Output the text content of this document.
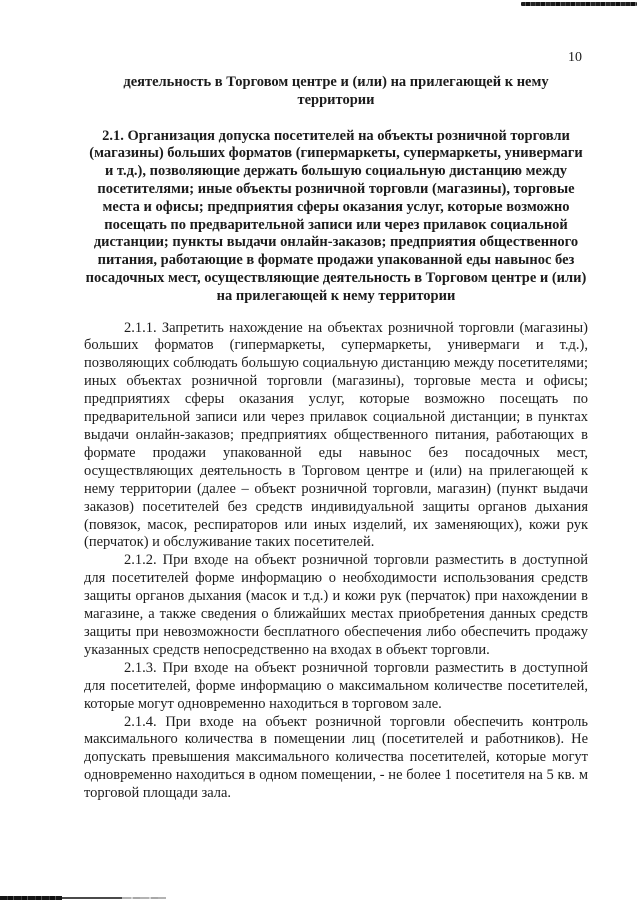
10
деятельность в Торговом центре и (или) на прилегающей к нему территории
2.1. Организация допуска посетителей на объекты розничной торговли (магазины) больших форматов (гипермаркеты, супермаркеты, универмаги и т.д.), позволяющие держать большую социальную дистанцию между посетителями; иные объекты розничной торговли (магазины), торговые места и офисы; предприятия сферы оказания услуг, которые возможно посещать по предварительной записи или через прилавок социальной дистанции; пункты выдачи онлайн-заказов; предприятия общественного питания, работающие в формате продажи упакованной еды навынос без посадочных мест, осуществляющие деятельность в Торговом центре и (или) на прилегающей к нему территории

2.1.1. Запретить нахождение на объектах розничной торговли (магазины) больших форматов (гипермаркеты, супермаркеты, универмаги и т.д.), позволяющих соблюдать большую социальную дистанцию между посетителями; иных объектах розничной торговли (магазины), торговые места и офисы; предприятиях сферы оказания услуг, которые возможно посещать по предварительной записи или через прилавок социальной дистанции; в пунктах выдачи онлайн-заказов; предприятиях общественного питания, работающих в формате продажи упакованной еды навынос без посадочных мест, осуществляющих деятельность в Торговом центре и (или) на прилегающей к нему территории (далее – объект розничной торговли, магазин) (пункт выдачи заказов) посетителей без средств индивидуальной защиты органов дыхания (повязок, масок, респираторов или иных изделий, их заменяющих), кожи рук (перчаток) и обслуживание таких посетителей.

2.1.2. При входе на объект розничной торговли разместить в доступной для посетителей форме информацию о необходимости использования средств защиты органов дыхания (масок и т.д.) и кожи рук (перчаток) при нахождении в магазине, а также сведения о ближайших местах приобретения данных средств защиты при невозможности бесплатного обеспечения либо обеспечить продажу указанных средств непосредственно на входах в объект торговли.

2.1.3. При входе на объект розничной торговли разместить в доступной для посетителей, форме информацию о максимальном количестве посетителей, которые могут одновременно находиться в торговом зале.

2.1.4. При входе на объект розничной торговли обеспечить контроль максимального количества в помещении лиц (посетителей и работников). Не допускать превышения максимального количества посетителей, которые могут одновременно находиться в одном помещении, - не более 1 посетителя на 5 кв. м торговой площади зала.
